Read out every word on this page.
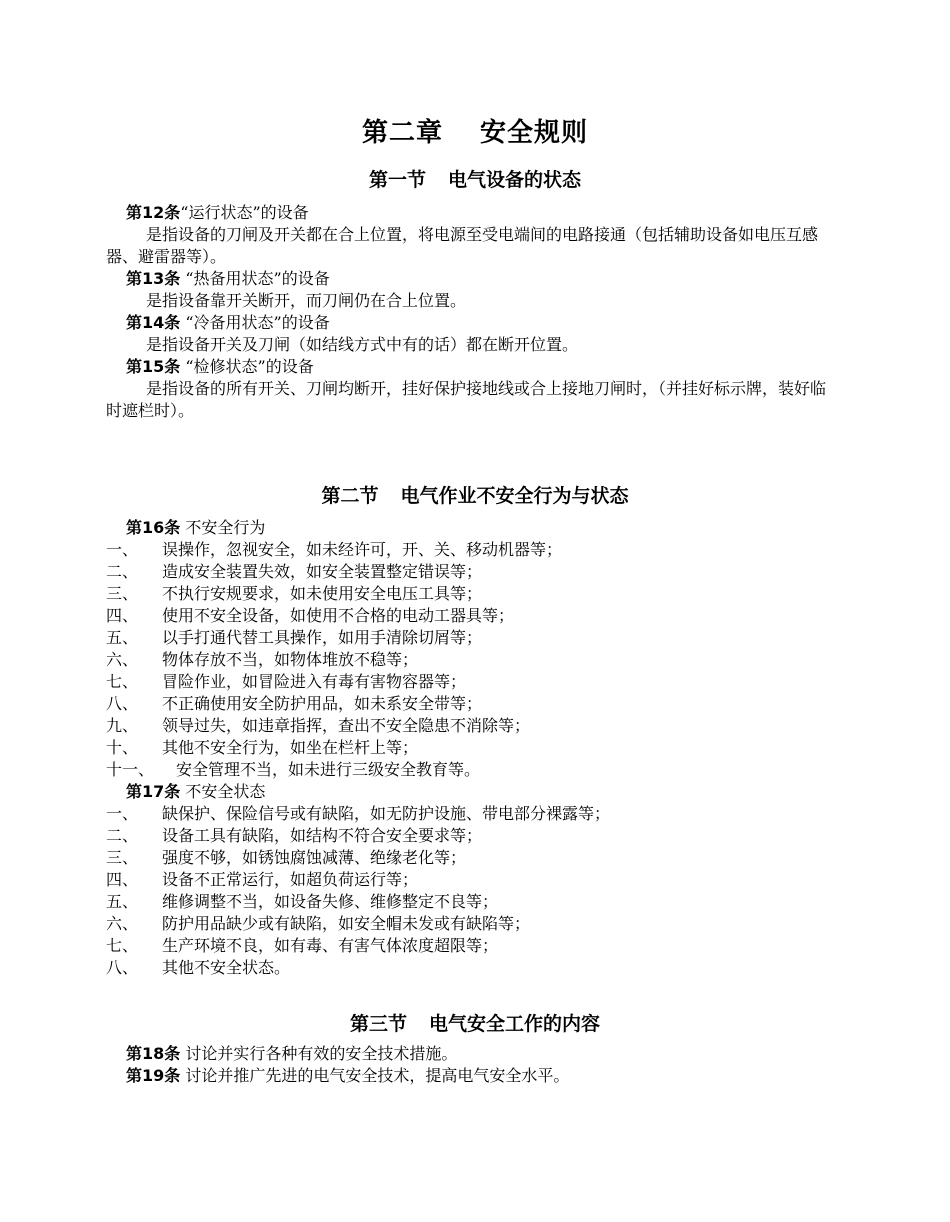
第二章　 安全规则
第一节 电气设备的状态
第12条“运行状态”的设备
是指设备的刀闸及开关都在合上位置，将电源至受电端间的电路接通（包括辅助设备如电压互感器、避雷器等）。
第13条 “热备用状态”的设备
是指设备靠开关断开，而刀闸仍在合上位置。
第14条 “冷备用状态”的设备
是指设备开关及刀闸（如结线方式中有的话）都在断开位置。
第15条 “检修状态”的设备
是指设备的所有开关、刀闸均断开，挂好保护接地线或合上接地刀闸时，（并挂好标示牌，装好临时遮栏时）。
第二节 电气作业不安全行为与状态
第16条 不安全行为
一、 误操作，忽视安全，如未经许可，开、关、移动机器等；
二、 造成安全装置失效，如安全装置整定错误等；
三、 不执行安规要求，如未使用安全电压工具等；
四、 使用不安全设备，如使用不合格的电动工器具等；
五、 以手打通代替工具操作，如用手清除切屑等；
六、 物体存放不当，如物体堆放不稳等；
七、 冒险作业，如冒险进入有毒有害物容器等；
八、 不正确使用安全防护用品，如未系安全带等；
九、 领导过失，如违章指挥，查出不安全隐患不消除等；
十、 其他不安全行为，如坐在栏杆上等；
十一、 安全管理不当，如未进行三级安全教育等。
第17条 不安全状态
一、 缺保护、保险信号或有缺陷，如无防护设施、带电部分裸露等；
二、 设备工具有缺陷，如结构不符合安全要求等；
三、 强度不够，如锈蚀腐蚀减薄、绝缘老化等；
四、 设备不正常运行，如超负荷运行等；
五、 维修调整不当，如设备失修、维修整定不良等；
六、 防护用品缺少或有缺陷，如安全帽未发或有缺陷等；
七、 生产环境不良，如有毒、有害气体浓度超限等；
八、 其他不安全状态。
第三节 电气安全工作的内容
第18条 讨论并实行各种有效的安全技术措施。
第19条 讨论并推广先进的电气安全技术，提高电气安全水平。
